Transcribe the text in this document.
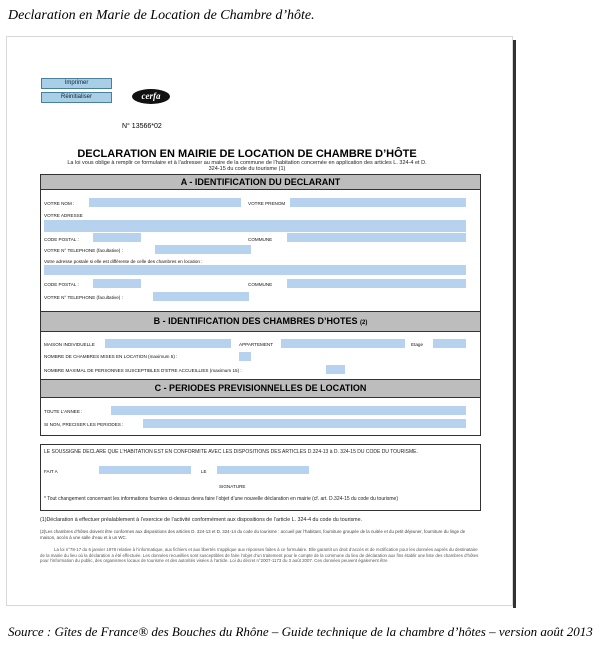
Declaration en Marie de Location de Chambre d’hôte.
Imprimer
Réinitialiser	cerfa
N° 13566*02
DECLARATION EN MAIRIE DE LOCATION DE CHAMBRE D’HÔTE
La loi vous oblige à remplir ce formulaire et à l’adresser au maire de la commune de l’habitation concernée en application des articles L. 324-4 et D. 324-15 du code du tourisme (1)
A - IDENTIFICATION DU DECLARANT
VOTRE NOM :	VOTRE PRENOM
VOTRE ADRESSE
CODE POSTAL :	COMMUNE
VOTRE N° TELEPHONE (facultative) :
Votre adresse postale si elle est différente de celle des chambres en location :
CODE POSTAL :	COMMUNE
VOTRE N° TELEPHONE (facultative) :
B - IDENTIFICATION DES CHAMBRES D’HOTES (2)
MAISON INDIVIDUELLE	APPARTEMENT	Etage
NOMBRE DE CHAMBRES MISES EN LOCATION (maximum 5) :
NOMBRE MAXIMAL DE PERSONNES SUSCEPTIBLES D’ETRE ACCUEILLIES (maximum 15) :
C - PERIODES PREVISIONNELLES DE LOCATION
TOUTE L’ANNEE :
SI NON, PRECISER LES PERIODES :
LE SOUSSIGNE DECLARE QUE L’HABITATION EST EN CONFORMITE AVEC LES DISPOSITIONS DES ARTICLES D.324-13 à D. 324-15 DU CODE DU TOURISME.
FAIT A	LE
SIGNATURE
* Tout changement concernant les informations fournies ci-dessus devra faire l’objet d’une nouvelle déclaration en mairie (cf. art. D.324-15 du code du tourisme)
(1)Déclaration à effectuer préalablement à l’exercice de l’activité conformément aux dispositions de l’article L. 324-4 du code du tourisme.
(2)Les chambres d’hôtes doivent être conformes aux dispositions des articles D. 324-13 et D. 324-14 du code du tourisme : accueil par l’habitant, fourniture groupée de la nuitée et du petit déjeuner, fourniture du linge de maison, accès à une salle d’eau et à un WC.
La loi n°78-17 du 6 janvier 1978 relative à l’informatique, aux fichiers et aux libertés s’applique aux réponses faites à ce formulaire. Elle garantit un droit d’accès et de rectification pour les données auprès du destinataire de la mairie du lieu où la déclaration a été effectuée. Les données recueillies sont susceptibles de faire l’objet d’un traitement pour le compte de la commune du lieu de déclaration aux fins établir une liste des chambres d’hôtes pour l’information du public, des organismes locaux de tourisme et des autorités visées à l’article. Loi du décret n°2007-1173 du 3 août 2007. Ces données peuvent également être
Source : Gîtes de France® des Bouches du Rhône – Guide technique de la chambre d’hôtes – version août 2013
